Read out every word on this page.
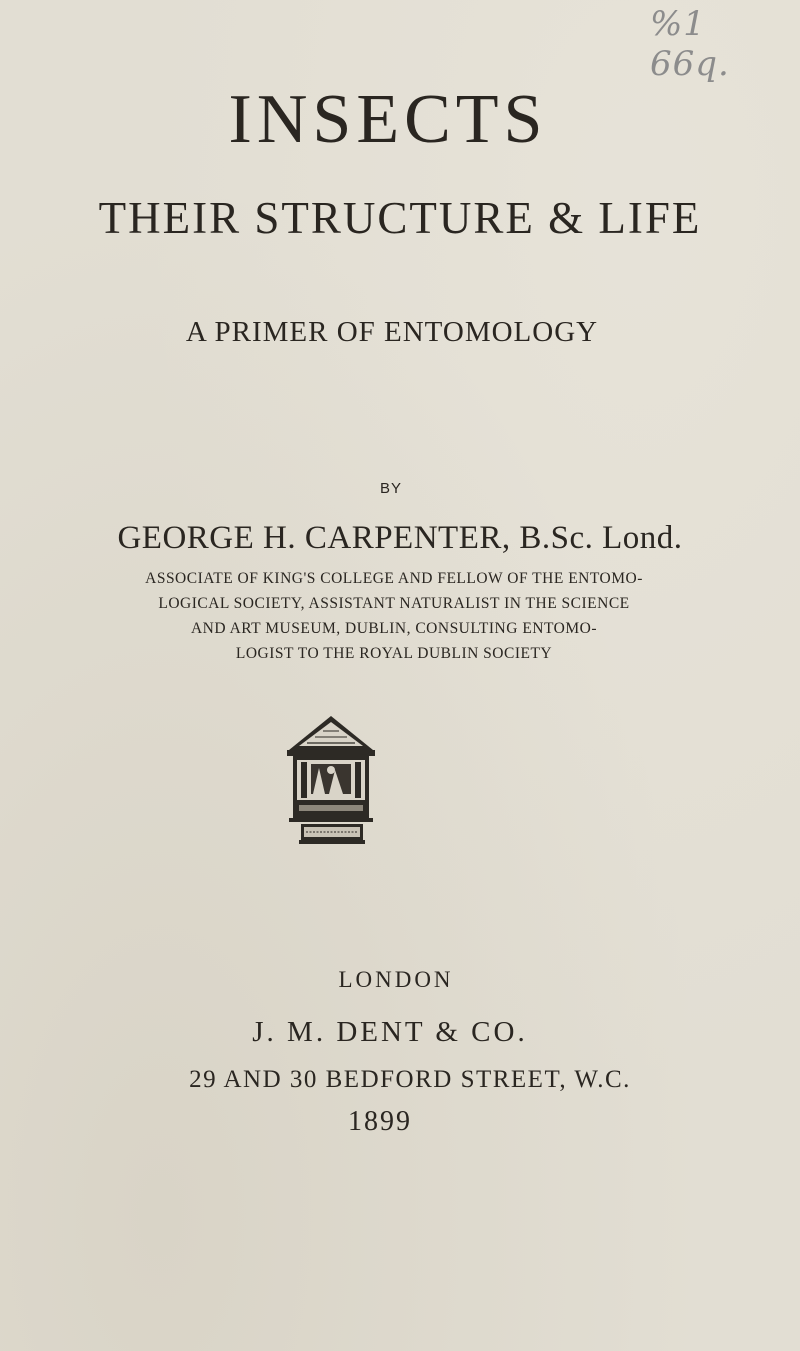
%1 66q.
INSECTS
THEIR STRUCTURE & LIFE
A PRIMER OF ENTOMOLOGY
BY
GEORGE H. CARPENTER, B.Sc. Lond.
ASSOCIATE OF KING'S COLLEGE AND FELLOW OF THE ENTOMO-
LOGICAL SOCIETY, ASSISTANT NATURALIST IN THE SCIENCE
AND ART MUSEUM, DUBLIN, CONSULTING ENTOMO-
LOGIST TO THE ROYAL DUBLIN SOCIETY
LONDON
J. M. DENT & CO.
29 AND 30 BEDFORD STREET, W.C.
1899
